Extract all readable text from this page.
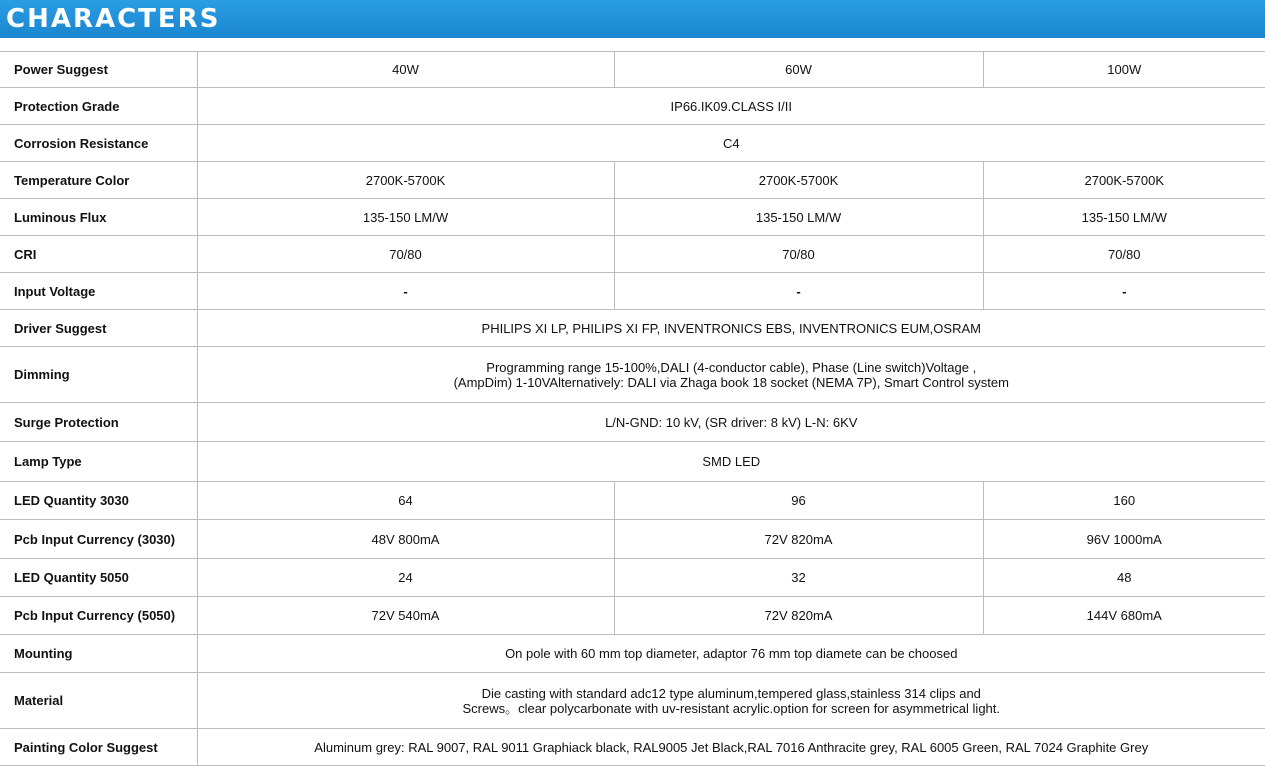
CHARACTERS
Power Suggest	40W	60W	100W
Protection Grade	IP66.IK09.CLASS I/II		
Corrosion Resistance	C4		
Temperature Color	2700K-5700K	2700K-5700K	2700K-5700K
Luminous Flux	135-150 LM/W	135-150 LM/W	135-150 LM/W
CRI	70/80	70/80	70/80
Input Voltage	-	-	-
Driver Suggest	PHILIPS XI LP, PHILIPS XI FP, INVENTRONICS EBS, INVENTRONICS EUM,OSRAM		
Dimming	Programming range 15-100%,DALI (4-conductor cable), Phase (Line switch)Voltage ,
(AmpDim) 1-10VAlternatively: DALI via Zhaga book 18 socket (NEMA 7P), Smart Control system		

Surge Protection	L/N-GND: 10 kV, (SR driver: 8 kV) L-N: 6KV		
Lamp Type	SMD LED		
LED Quantity 3030	64	96	160
Pcb Input Currency (3030)	48V 800mA	72V 820mA	96V 1000mA
LED Quantity 5050	24	32	48
Pcb Input Currency (5050)	72V 540mA	72V 820mA	144V 680mA
Mounting	On pole with 60 mm top diameter, adaptor 76 mm top diamete can be choosed		
Material	Die casting with standard adc12 type aluminum,tempered glass,stainless 314 clips and
Screws。clear polycarbonate with uv-resistant acrylic.option for screen for asymmetrical light.		

Painting Color Suggest	Aluminum grey: RAL 9007, RAL 9011 Graphiack black, RAL9005 Jet Black,RAL 7016 Anthracite grey, RAL 6005 Green, RAL 7024 Graphite Grey		
